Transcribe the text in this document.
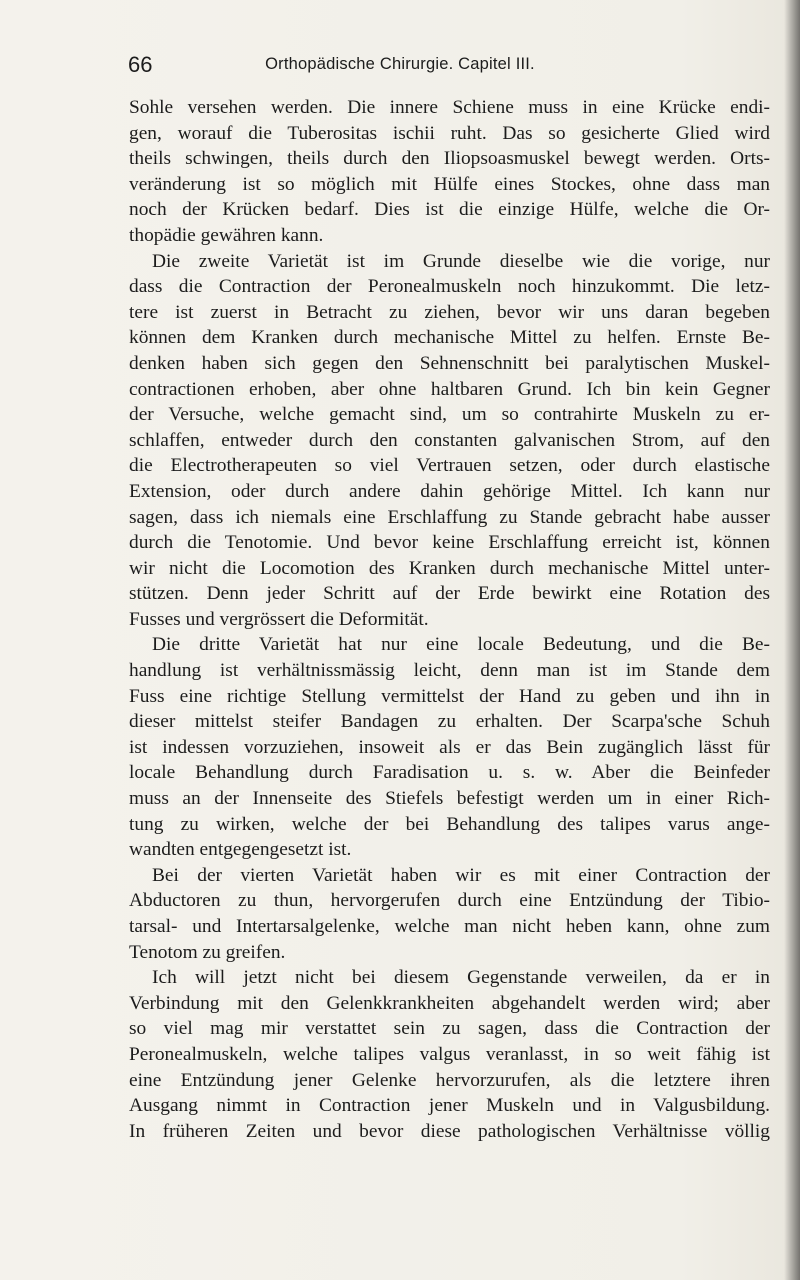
66	Orthopädische Chirurgie. Capitel III.
Sohle versehen werden. Die innere Schiene muss in eine Krücke endi-
gen, worauf die Tuberositas ischii ruht. Das so gesicherte Glied wird
theils schwingen, theils durch den Iliopsoasmuskel bewegt werden. Orts-
veränderung ist so möglich mit Hülfe eines Stockes, ohne dass man
noch der Krücken bedarf. Dies ist die einzige Hülfe, welche die Or-
thopädie gewähren kann.
Die zweite Varietät ist im Grunde dieselbe wie die vorige, nur
dass die Contraction der Peronealmuskeln noch hinzukommt. Die letz-
tere ist zuerst in Betracht zu ziehen, bevor wir uns daran begeben
können dem Kranken durch mechanische Mittel zu helfen. Ernste Be-
denken haben sich gegen den Sehnenschnitt bei paralytischen Muskel-
contractionen erhoben, aber ohne haltbaren Grund. Ich bin kein Gegner
der Versuche, welche gemacht sind, um so contrahirte Muskeln zu er-
schlaffen, entweder durch den constanten galvanischen Strom, auf den
die Electrotherapeuten so viel Vertrauen setzen, oder durch elastische
Extension, oder durch andere dahin gehörige Mittel. Ich kann nur
sagen, dass ich niemals eine Erschlaffung zu Stande gebracht habe ausser
durch die Tenotomie. Und bevor keine Erschlaffung erreicht ist, können
wir nicht die Locomotion des Kranken durch mechanische Mittel unter-
stützen. Denn jeder Schritt auf der Erde bewirkt eine Rotation des
Fusses und vergrössert die Deformität.
Die dritte Varietät hat nur eine locale Bedeutung, und die Be-
handlung ist verhältnissmässig leicht, denn man ist im Stande dem
Fuss eine richtige Stellung vermittelst der Hand zu geben und ihn in
dieser mittelst steifer Bandagen zu erhalten. Der Scarpa'sche Schuh
ist indessen vorzuziehen, insoweit als er das Bein zugänglich lässt für
locale Behandlung durch Faradisation u. s. w. Aber die Beinfeder
muss an der Innenseite des Stiefels befestigt werden um in einer Rich-
tung zu wirken, welche der bei Behandlung des talipes varus ange-
wandten entgegengesetzt ist.
Bei der vierten Varietät haben wir es mit einer Contraction der
Abductoren zu thun, hervorgerufen durch eine Entzündung der Tibio-
tarsal- und Intertarsalgelenke, welche man nicht heben kann, ohne zum
Tenotom zu greifen.
Ich will jetzt nicht bei diesem Gegenstande verweilen, da er in
Verbindung mit den Gelenkkrankheiten abgehandelt werden wird; aber
so viel mag mir verstattet sein zu sagen, dass die Contraction der
Peronealmuskeln, welche talipes valgus veranlasst, in so weit fähig ist
eine Entzündung jener Gelenke hervorzurufen, als die letztere ihren
Ausgang nimmt in Contraction jener Muskeln und in Valgusbildung.
In früheren Zeiten und bevor diese pathologischen Verhältnisse völlig
